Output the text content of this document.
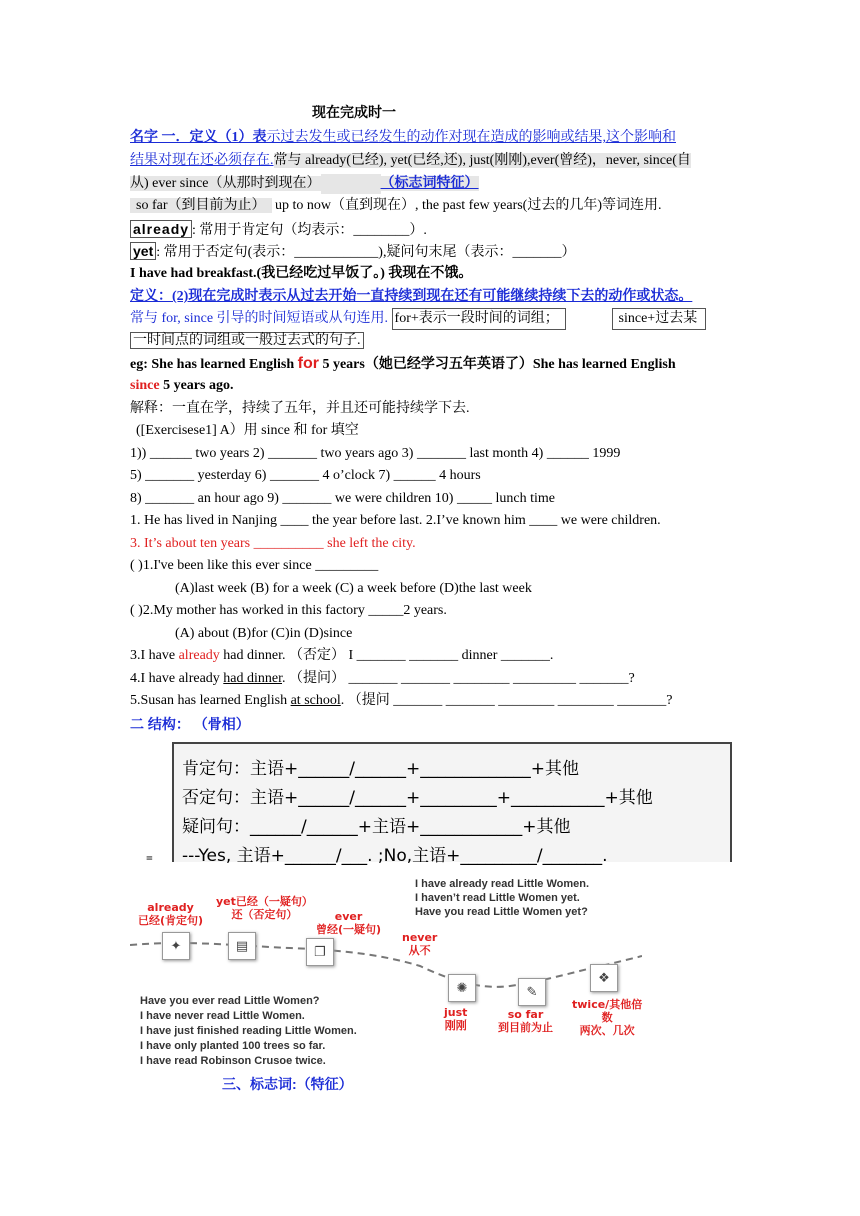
现在完成时一
名字 一．定义（1）表示过去发生或已经发生的动作对现在造成的影响或结果,这个影响和
结果对现在还必须存在.常与 already(已经), yet(已经,还), just(刚刚),ever(曾经)，never, since(自
从) ever since（从那时到现在）	（标志词特征）
so far（到目前为止） up to now（直到现在）, the past few years(过去的几年)等词连用.
already : 常用于肯定句（均表示：________）.
yet : 常用于否定句(表示：____________),疑问句末尾（表示：_______）
I have had breakfast.(我已经吃过早饭了。) 我现在不饿。
定义：(2)现在完成时表示从过去开始一直持续到现在还有可能继续持续下去的动作或状态。
常与 for, since 引导的时间短语或从句连用. for+表示一段时间的词组；	since+过去某
一时间点的词组或一般过去式的句子.
eg: She has learned English for 5 years（她已经学习五年英语了）She has learned English
since 5 years ago.
解释：一直在学，持续了五年，并且还可能持续学下去.
([Exercisese1] A）用 since 和 for 填空
1)) ______ two years 2) _______ two years ago 3) _______ last month 4) ______ 1999
5) _______ yesterday 6) _______ 4 o’clock 7) ______ 4 hours
8) _______ an hour ago 9) _______ we were children 10) _____ lunch time
1. He has lived in Nanjing ____ the year before last. 2.I’ve known him ____ we were children.
3. It’s about ten years __________ she left the city.
( )1.I've been like this ever since _________
(A)last week (B) for a week (C) a week before (D)the last week
( )2.My mother has worked in this factory _____2 years.
(A) about (B)for (C)in (D)since
3.I have already had dinner. （否定） I _______ _______ dinner _______.
4.I have already had dinner. （提问） _______ _______ ________ _________ _______?
5.Susan has learned English at school. （提问 _______ _______ ________ ________ _______?
二 结构： （骨相）
肯定句：主语+______/______+_____________+其他
否定句：主语+______/______+_________+___________+其他
疑问句：______/______+主语+____________+其他
---Yes, 主语+______/___. ;No,主语+_________/_______.
=
I have already read Little Women.
I haven’t read Little Women yet.
Have you read Little Women yet?
already
已经(肯定句)
yet已经（一疑句）
还（否定句）	ever
曾经(一疑句)
never
从不
✦	▤	❐
✺	✎
❖
just
刚刚
so far
到目前为止
twice/其他倍
数
两次、几次
Have you ever read Little Women?
I have never read Little Women.
I have just finished reading Little Women.
I have only planted 100 trees so far.
I have read Robinson Crusoe twice.
三、标志词:（特征）
